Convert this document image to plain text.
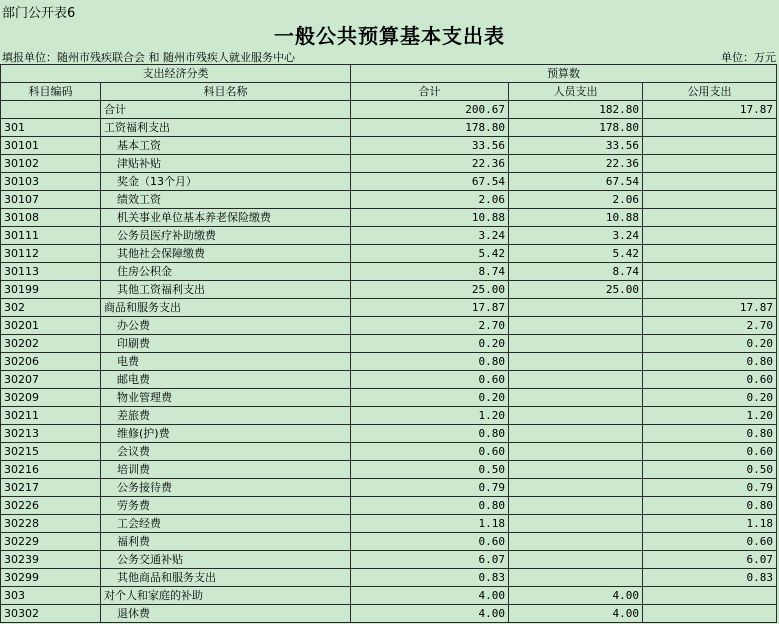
部门公开表6
一般公共预算基本支出表
填报单位：随州市残疾联合会 和 随州市残疾人就业服务中心	单位：万元
支出经济分类		预算数		
科目编码	科目名称	合计	人员支出	公用支出
	合计	200.67	182.80	17.87
301	工资福利支出	178.80	178.80	
30101	基本工资	33.56	33.56	
30102	津贴补贴	22.36	22.36	
30103	奖金（13个月）	67.54	67.54	
30107	绩效工资	2.06	2.06	
30108	机关事业单位基本养老保险缴费	10.88	10.88	
30111	公务员医疗补助缴费	3.24	3.24	
30112	其他社会保障缴费	5.42	5.42	
30113	住房公积金	8.74	8.74	
30199	其他工资福利支出	25.00	25.00	
302	商品和服务支出	17.87		17.87
30201	办公费	2.70		2.70
30202	印刷费	0.20		0.20
30206	电费	0.80		0.80
30207	邮电费	0.60		0.60
30209	物业管理费	0.20		0.20
30211	差旅费	1.20		1.20
30213	维修(护)费	0.80		0.80
30215	会议费	0.60		0.60
30216	培训费	0.50		0.50
30217	公务接待费	0.79		0.79
30226	劳务费	0.80		0.80
30228	工会经费	1.18		1.18
30229	福利费	0.60		0.60
30239	公务交通补贴	6.07		6.07
30299	其他商品和服务支出	0.83		0.83
303	对个人和家庭的补助	4.00	4.00	
30302	退休费	4.00	4.00	
